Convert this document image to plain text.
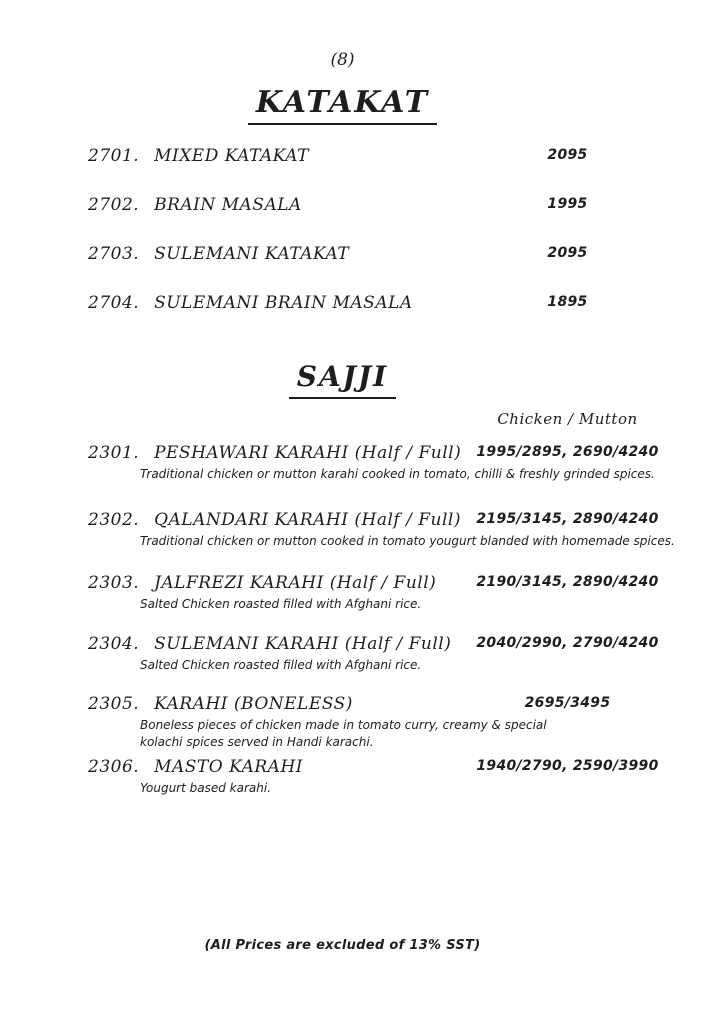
(8)
KATAKAT
2701. MIXED KATAKAT	2095
2702. BRAIN MASALA	1995
2703. SULEMANI KATAKAT	2095
2704. SULEMANI BRAIN MASALA	1895
SAJJI
Chicken / Mutton
2301. PESHAWARI KARAHI (Half / Full)	1995/2895, 2690/4240
Traditional chicken or mutton karahi cooked in tomato, chilli & freshly grinded spices.
2302. QALANDARI KARAHI (Half / Full)	2195/3145, 2890/4240
Traditional chicken or mutton cooked in tomato yougurt blanded with homemade spices.
2303. JALFREZI KARAHI (Half / Full)	2190/3145, 2890/4240
Salted Chicken roasted filled with Afghani rice.
2304. SULEMANI KARAHI (Half / Full)	2040/2990, 2790/4240
Salted Chicken roasted filled with Afghani rice.
2305. KARAHI (BONELESS)	2695/3495
Boneless pieces of chicken made in tomato curry, creamy & special
kolachi spices served in Handi karachi.
2306. MASTO KARAHI	1940/2790, 2590/3990
Yougurt based karahi.
(All Prices are excluded of 13% SST)
